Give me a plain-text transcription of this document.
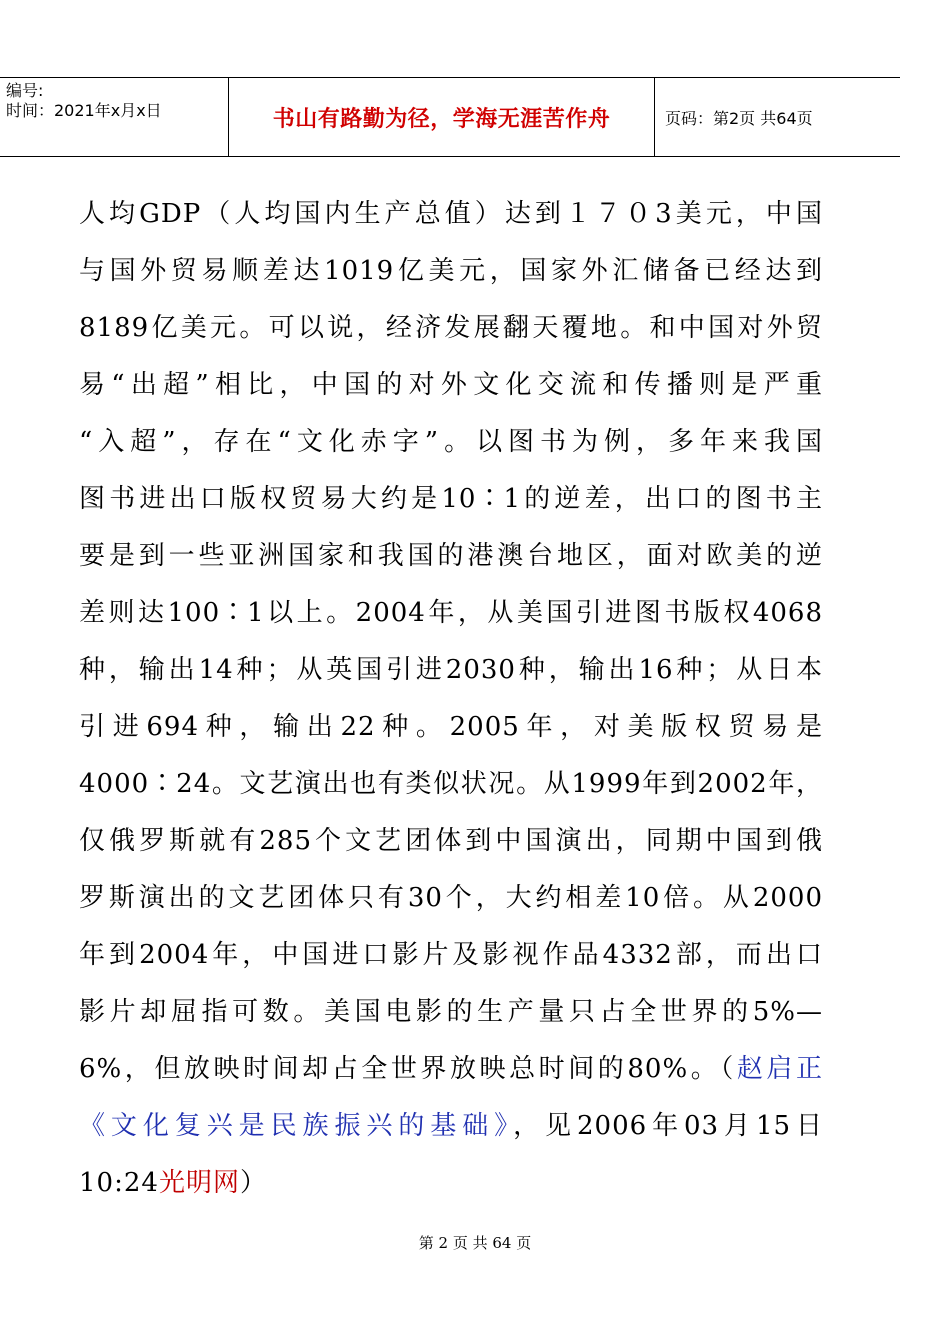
编号:
时间：2021年x月x日	书山有路勤为径，学海无涯苦作舟	页码：第2页 共64页
人均GDP（人均国内生产总值）达到１７０3美元，中国
与国外贸易顺差达1019亿美元，国家外汇储备已经达到
8189亿美元。可以说，经济发展翻天覆地。和中国对外贸
易“出超”相比，中国的对外文化交流和传播则是严重
“入超”，存在“文化赤字”。以图书为例，多年来我国
图书进出口版权贸易大约是10∶1的逆差，出口的图书主
要是到一些亚洲国家和我国的港澳台地区，面对欧美的逆
差则达100∶1以上。2004年，从美国引进图书版权4068
种，输出14种；从英国引进2030种，输出16种；从日本
引进694种，输出22种。2005年，对美版权贸易是
4000∶24。文艺演出也有类似状况。从1999年到2002年，
仅俄罗斯就有285个文艺团体到中国演出，同期中国到俄
罗斯演出的文艺团体只有30个，大约相差10倍。从2000
年到2004年，中国进口影片及影视作品4332部，而出口
影片却屈指可数。美国电影的生产量只占全世界的5%—
6%，但放映时间却占全世界放映总时间的80%。（赵启正
《文化复兴是民族振兴的基础》，见2006年03月15日
10:24光明网）
第 2 页 共 64 页
